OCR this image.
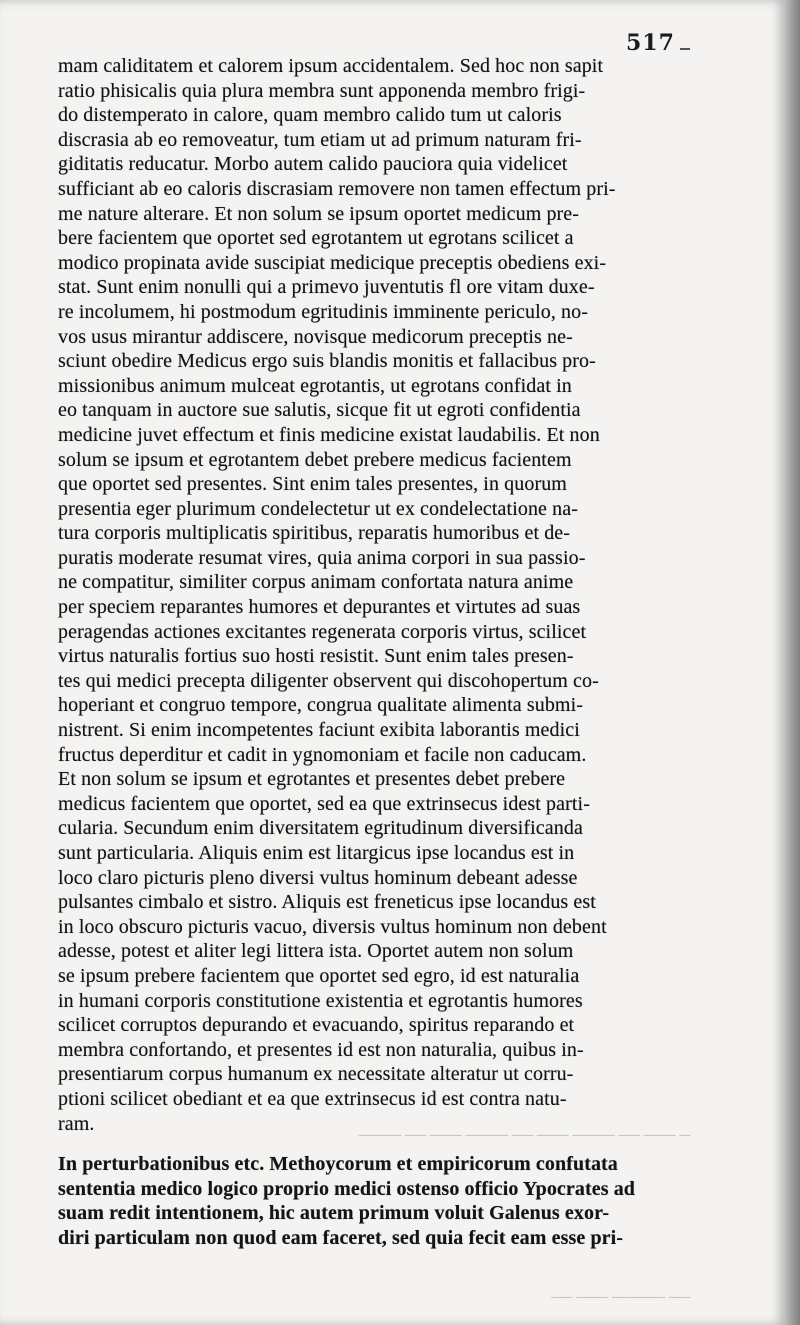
517
mam caliditatem et calorem ipsum accidentalem. Sed hoc non sapit
ratio phisicalis quia plura membra sunt apponenda membro frigi-
do distemperato in calore, quam membro calido tum ut caloris
discrasia ab eo removeatur, tum etiam ut ad primum naturam fri-
giditatis reducatur. Morbo autem calido pauciora quia videlicet
sufficiant ab eo caloris discrasiam removere non tamen effectum pri-
me nature alterare. Et non solum se ipsum oportet medicum pre-
bere facientem que oportet sed egrotantem ut egrotans scilicet a
modico propinata avide suscipiat medicique preceptis obediens exi-
stat. Sunt enim nonulli qui a primevo juventutis fl ore vitam duxe-
re incolumem, hi postmodum egritudinis imminente periculo, no-
vos usus mirantur addiscere, novisque medicorum preceptis ne-
sciunt obedire Medicus ergo suis blandis monitis et fallacibus pro-
missionibus animum mulceat egrotantis, ut egrotans confidat in
eo tanquam in auctore sue salutis, sicque fit ut egroti confidentia
medicine juvet effectum et finis medicine existat laudabilis. Et non
solum se ipsum et egrotantem debet prebere medicus facientem
que oportet sed presentes. Sint enim tales presentes, in quorum
presentia eger plurimum condelectetur ut ex condelectatione na-
tura corporis multiplicatis spiritibus, reparatis humoribus et de-
puratis moderate resumat vires, quia anima corpori in sua passio-
ne compatitur, similiter corpus animam confortata natura anime
per speciem reparantes humores et depurantes et virtutes ad suas
peragendas actiones excitantes regenerata corporis virtus, scilicet
virtus naturalis fortius suo hosti resistit. Sunt enim tales presen-
tes qui medici precepta diligenter observent qui discohopertum co-
hoperiant et congruo tempore, congrua qualitate alimenta submi-
nistrent. Si enim incompetentes faciunt exibita laborantis medici
fructus deperditur et cadit in ygnomoniam et facile non caducam.
Et non solum se ipsum et egrotantes et presentes debet prebere
medicus facientem que oportet, sed ea que extrinsecus idest parti-
cularia. Secundum enim diversitatem egritudinum diversificanda
sunt particularia. Aliquis enim est litargicus ipse locandus est in
loco claro picturis pleno diversi vultus hominum debeant adesse
pulsantes cimbalo et sistro. Aliquis est freneticus ipse locandus est
in loco obscuro picturis vacuo, diversis vultus hominum non debent
adesse, potest et aliter legi littera ista. Oportet autem non solum
se ipsum prebere facientem que oportet sed egro, id est naturalia
in humani corporis constitutione existentia et egrotantis humores
scilicet corruptos depurando et evacuando, spiritus reparando et
membra confortando, et presentes id est non naturalia, quibus in-
presentiarum corpus humanum ex necessitate alteratur ut corru-
ptioni scilicet obediant et ea que extrinsecus id est contra natu-
ram.
In perturbationibus etc. Methoycorum et empiricorum confutata
sententia medico logico proprio medici ostenso officio Ypocrates ad
suam redit intentionem, hic autem primum voluit Galenus exor-
diri particulam non quod eam faceret, sed quia fecit eam esse pri-
─ ─── ── ──── ─── ── ──── ─── ── ────
── ───── ─── ──
